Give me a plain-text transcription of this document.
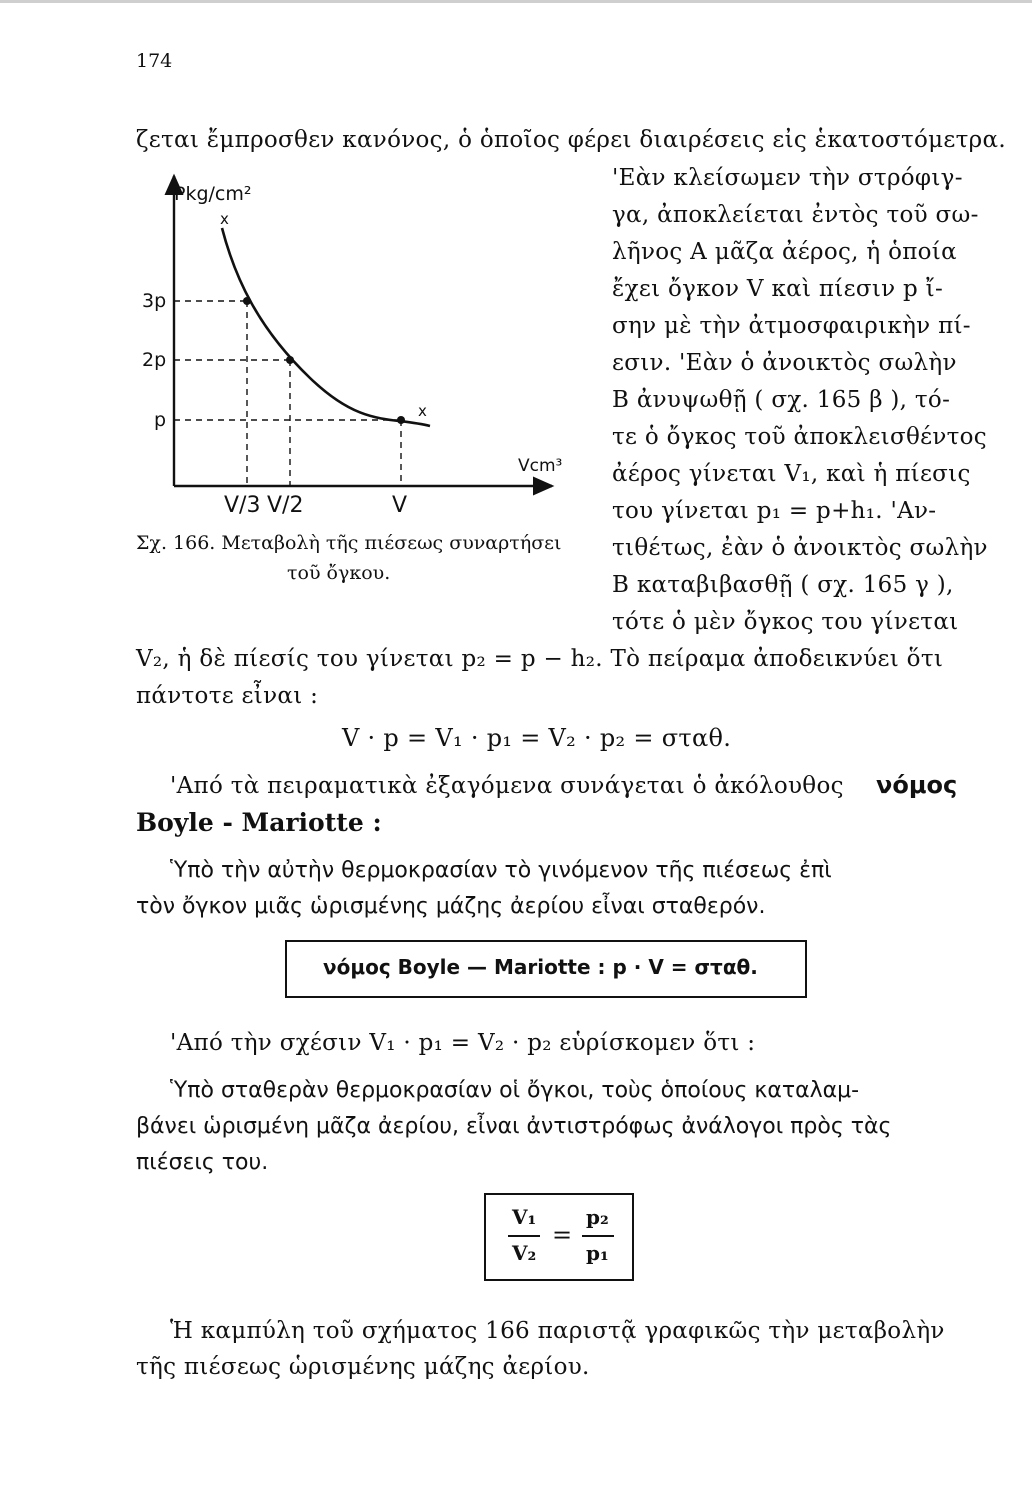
174
ζεται ἔμπροσθεν κανόνος, ὁ ὁποῖος φέρει διαιρέσεις εἰς ἑκατοστόμετρα.
Pkg/cm²
Vcm³
x
x
3p
2p
p
V/3 V/2	V
Σχ. 166. Μεταβολὴ τῆς πιέσεως συναρτήσει
τοῦ ὄγκου.
'Εὰν κλείσωμεν τὴν στρόφιγ-
γα, ἀποκλείεται ἐντὸς τοῦ σω-
λῆνος Α μᾶζα ἀέρος, ἡ ὁποία
ἔχει ὄγκον V καὶ πίεσιν p ἴ-
σην μὲ τὴν ἀτμοσφαιρικὴν πί-
εσιν. 'Εὰν ὁ ἀνοικτὸς σωλὴν
Β ἀνυψωθῇ ( σχ. 165 β ), τό-
τε ὁ ὄγκος τοῦ ἀποκλεισθέντος
ἀέρος γίνεται V₁, καὶ ἡ πίεσις
του γίνεται p₁ = p+h₁. 'Αν-
τιθέτως, ἐὰν ὁ ἀνοικτὸς σωλὴν
Β καταβιβασθῇ ( σχ. 165 γ ),
τότε ὁ μὲν ὄγκος του γίνεται
V₂, ἡ δὲ πίεσίς του γίνεται p₂ = p − h₂. Τὸ πείραμα ἀποδεικνύει ὅτι
πάντοτε εἶναι :
V · p = V₁ · p₁ = V₂ · p₂ = σταθ.
'Από τὰ πειραματικὰ ἐξαγόμενα συνάγεται ὁ ἀκόλουθος νόμος
Boyle - Mariotte :
Ὑπὸ τὴν αὐτὴν θερμοκρασίαν τὸ γινόμενον τῆς πιέσεως ἐπὶ
τὸν ὄγκον μιᾶς ὡρισμένης μάζης ἀερίου εἶναι σταθερόν.
νόμος Boyle — Mariotte : p · V = σταθ.
'Από τὴν σχέσιν V₁ · p₁ = V₂ · p₂ εὑρίσκομεν ὅτι :
Ὑπὸ σταθερὰν θερμοκρασίαν οἱ ὄγκοι, τοὺς ὁποίους καταλαμ-
βάνει ὡρισμένη μᾶζα ἀερίου, εἶναι ἀντιστρόφως ἀνάλογοι πρὸς τὰς
πιέσεις του.
V₁
V₂
=
p₂
p₁
Ἡ καμπύλη τοῦ σχήματος 166 παριστᾷ γραφικῶς τὴν μεταβολὴν
τῆς πιέσεως ὡρισμένης μάζης ἀερίου.
